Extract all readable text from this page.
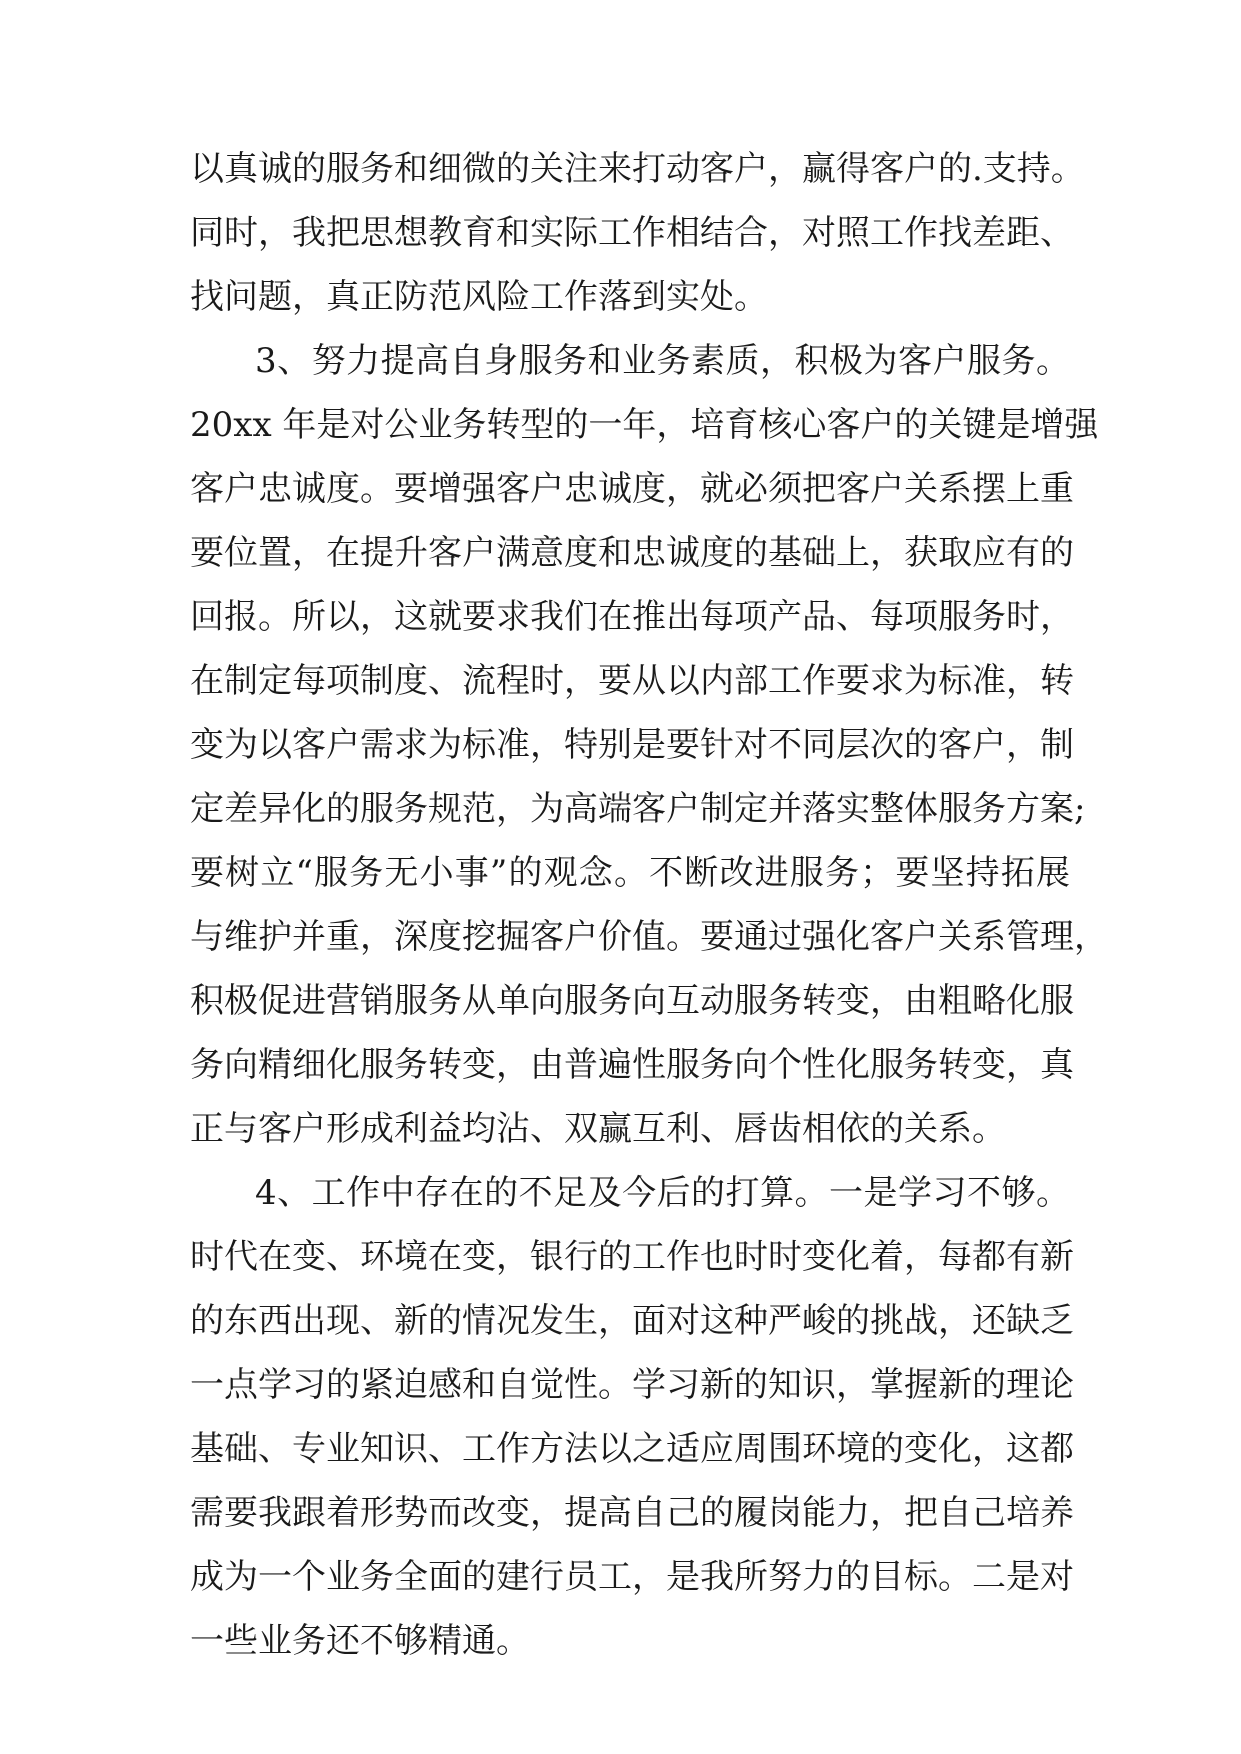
以真诚的服务和细微的关注来打动客户，赢得客户的.支持。
同时，我把思想教育和实际工作相结合，对照工作找差距、
找问题，真正防范风险工作落到实处。
3、努力提高自身服务和业务素质，积极为客户服务。
20xx 年是对公业务转型的一年，培育核心客户的关键是增强
客户忠诚度。要增强客户忠诚度，就必须把客户关系摆上重
要位置，在提升客户满意度和忠诚度的基础上，获取应有的
回报。所以，这就要求我们在推出每项产品、每项服务时，
在制定每项制度、流程时，要从以内部工作要求为标准，转
变为以客户需求为标准，特别是要针对不同层次的客户，制
定差异化的服务规范，为高端客户制定并落实整体服务方案;
要树立“服务无小事”的观念。不断改进服务；要坚持拓展
与维护并重，深度挖掘客户价值。要通过强化客户关系管理，
积极促进营销服务从单向服务向互动服务转变，由粗略化服
务向精细化服务转变，由普遍性服务向个性化服务转变，真
正与客户形成利益均沾、双赢互利、唇齿相依的关系。
4、工作中存在的不足及今后的打算。一是学习不够。
时代在变、环境在变，银行的工作也时时变化着，每都有新
的东西出现、新的情况发生，面对这种严峻的挑战，还缺乏
一点学习的紧迫感和自觉性。学习新的知识，掌握新的理论
基础、专业知识、工作方法以之适应周围环境的变化，这都
需要我跟着形势而改变，提高自己的履岗能力，把自己培养
成为一个业务全面的建行员工，是我所努力的目标。二是对
一些业务还不够精通。
